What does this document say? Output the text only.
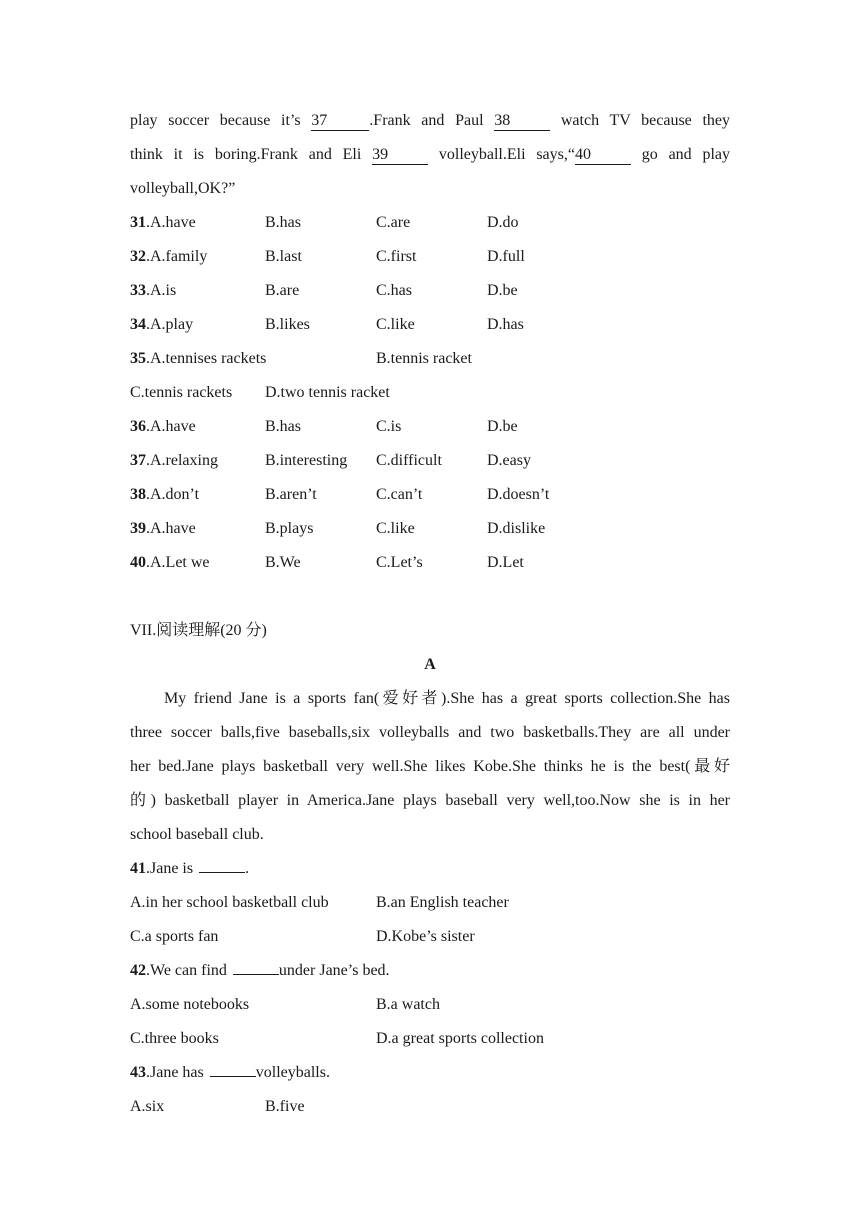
play soccer because it’s 37	.Frank and Paul 38	watch TV because they
think it is boring.Frank and Eli 39	volleyball.Eli says,“40	go and play
volleyball,OK?”
31.A.have	B.has	C.are	D.do
32.A.family	B.last	C.first	D.full
33.A.is	B.are	C.has	D.be
34.A.play	B.likes	C.like	D.has
35.A.tennises rackets	B.tennis racket
C.tennis rackets D.two tennis racket
36.A.have	B.has	C.is	D.be
37.A.relaxing	B.interesting C.difficult	D.easy
38.A.don’t	B.aren’t	C.can’t	D.doesn’t
39.A.have	B.plays	C.like	D.dislike
40.A.Let we	B.We	C.Let’s	D.Let
VII.阅读理解(20 分)
A
My friend Jane is a sports fan(爱好者).She has a great sports collection.She has
three soccer balls,five baseballs,six volleyballs and two basketballs.They are all under
her bed.Jane plays basketball very well.She likes Kobe.She thinks he is the best(最好
的) basketball player in America.Jane plays baseball very well,too.Now she is in her
school baseball club.
41.Jane is	.
A.in her school basketball club	B.an English teacher
C.a sports fan	D.Kobe’s sister
42.We can find	under Jane’s bed.
A.some notebooks	B.a watch
C.three books	D.a great sports collection
43.Jane has	volleyballs.
A.six	B.five
